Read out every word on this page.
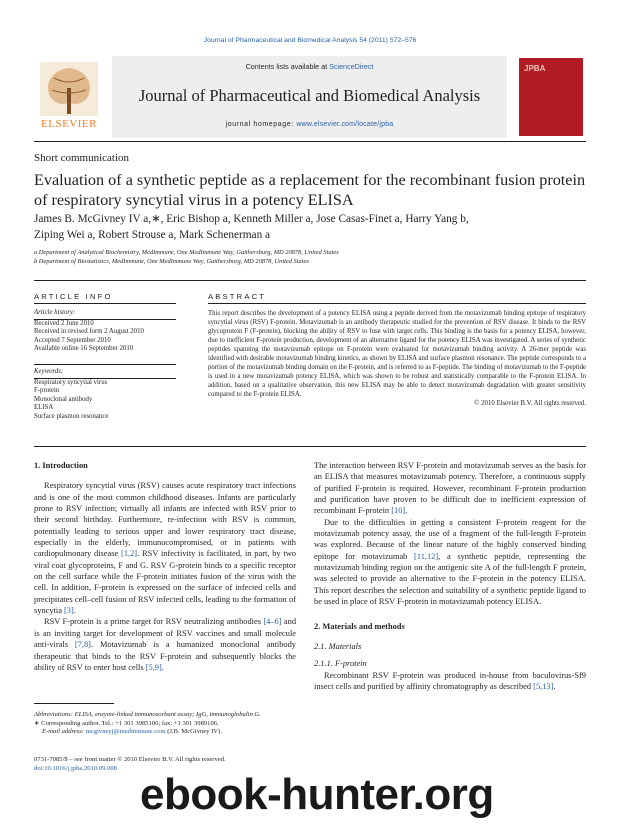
Journal of Pharmaceutical and Biomedical Analysis 54 (2011) 572–576
ELSEVIER
Contents lists available at ScienceDirect
Journal of Pharmaceutical and Biomedical Analysis
journal homepage: www.elsevier.com/locate/jpba
JPBA
Short communication
Evaluation of a synthetic peptide as a replacement for the recombinant fusion protein of respiratory syncytial virus in a potency ELISA
James B. McGivney IV a,∗, Eric Bishop a, Kenneth Miller a, Jose Casas-Finet a, Harry Yang b,
Ziping Wei a, Robert Strouse a, Mark Schenerman a
a Department of Analytical Biochemistry, MedImmune, One MedImmune Way, Gaithersburg, MD 20878, United States
b Department of Biostatistics, MedImmune, One MedImmune Way, Gaithersburg, MD 20878, United States
ARTICLE INFO	ABSTRACT
Article history:
Received 2 June 2010
Received in revised form 2 August 2010
Accepted 7 September 2010
Available online 16 September 2010
Keywords:
Respiratory syncytial virus
F-protein
Monoclonal antibody
ELISA
Surface plasmon resonance
This report describes the development of a potency ELISA using a peptide derived from the motavizumab binding epitope of respiratory syncytial virus (RSV) F-protein. Motavizumab is an antibody therapeutic studied for the prevention of RSV disease. It binds to the RSV glycoprotein F (F-protein), blocking the ability of RSV to fuse with target cells. This binding is the basis for a potency ELISA, however, due to inefficient F-protein production, development of an alternative ligand for the potency ELISA was investigated. A series of synthetic peptides spanning the motavizumab epitope on F-protein were evaluated for motavizumab binding activity. A 26-mer peptide was identified with desirable motavizumab binding kinetics, as shown by ELISA and surface plasmon resonance. The peptide corresponds to a portion of the motavizumab binding domain on the F-protein, and is referred to as F-peptide. The binding of motavizumab to the F-peptide is used in a new motavizumab potency ELISA, which was shown to be robust and statistically comparable to the F-protein ELISA. In addition, based on a qualitative observation, this new ELISA may be able to detect motavizumab degradation with greater sensitivity compared to the F-protein ELISA.
© 2010 Elsevier B.V. All rights reserved.
1. Introduction

Respiratory syncytial virus (RSV) causes acute respiratory tract infections and is one of the most common childhood diseases. Infants are particularly prone to RSV infection; virtually all infants are infected with RSV prior to their second birthday. Furthermore, re-infection with RSV is common, potentially leading to serious upper and lower respiratory tract disease, especially in the elderly, immunocompromised, or in patients with cardiopulmonary disease [1,2]. RSV infectivity is facilitated, in part, by two viral coat glycoproteins, F and G. RSV G-protein binds to a specific receptor on the cell surface while the F-protein initiates fusion of the virus with the cell. In addition, F-protein is expressed on the surface of infected cells and precipitates cell–cell fusion of RSV infected cells, leading to the formation of syncytia [3].

RSV F-protein is a prime target for RSV neutralizing antibodies [4–6] and is an inviting target for development of RSV vaccines and small molecule anti-virals [7,8]. Motavizumab is a humanized monoclonal antibody therapeutic that binds to the RSV F-protein and subsequently blocks the ability of RSV to enter host cells [5,9].

The interaction between RSV F-protein and motavizumab serves as the basis for an ELISA that measures motavizumab potency. Therefore, a continuous supply of purified F-protein is required. However, recombinant F-protein production and purification have proven to be difficult due to inefficient expression of recombinant F-protein [10].

Due to the difficulties in getting a consistent F-protein reagent for the motavizumab potency assay, the use of a fragment of the full-length F-protein was explored. Because of the linear nature of the highly conserved binding epitope for motavizumab [11,12], a synthetic peptide, representing the motavizumab binding region on the antigenic site A of the full-length F protein, was selected to provide an alternative to the F-protein in the potency ELISA. This report describes the selection and suitability of a synthetic peptide ligand to be used in place of RSV F-protein in motavizumab potency ELISA.

2. Materials and methods
2.1. Materials
2.1.1. F-protein

Recombinant RSV F-protein was produced in-house from baculovirus-Sf9 insect cells and purified by affinity chromatography as described [5,13].

Abbreviations: ELISA, enzyme-linked immunosorbant assay; IgG, immunoglobulin G.
∗ Corresponding author. Tel.: +1 301 3985106; fax: +1 301 3989106.
E-mail address: mcgivneyj@medimmune.com (J.B. McGivney IV).
0731-7085/$ – see front matter © 2010 Elsevier B.V. All rights reserved.
doi:10.1016/j.jpba.2010.09.008
ebook-hunter.org
